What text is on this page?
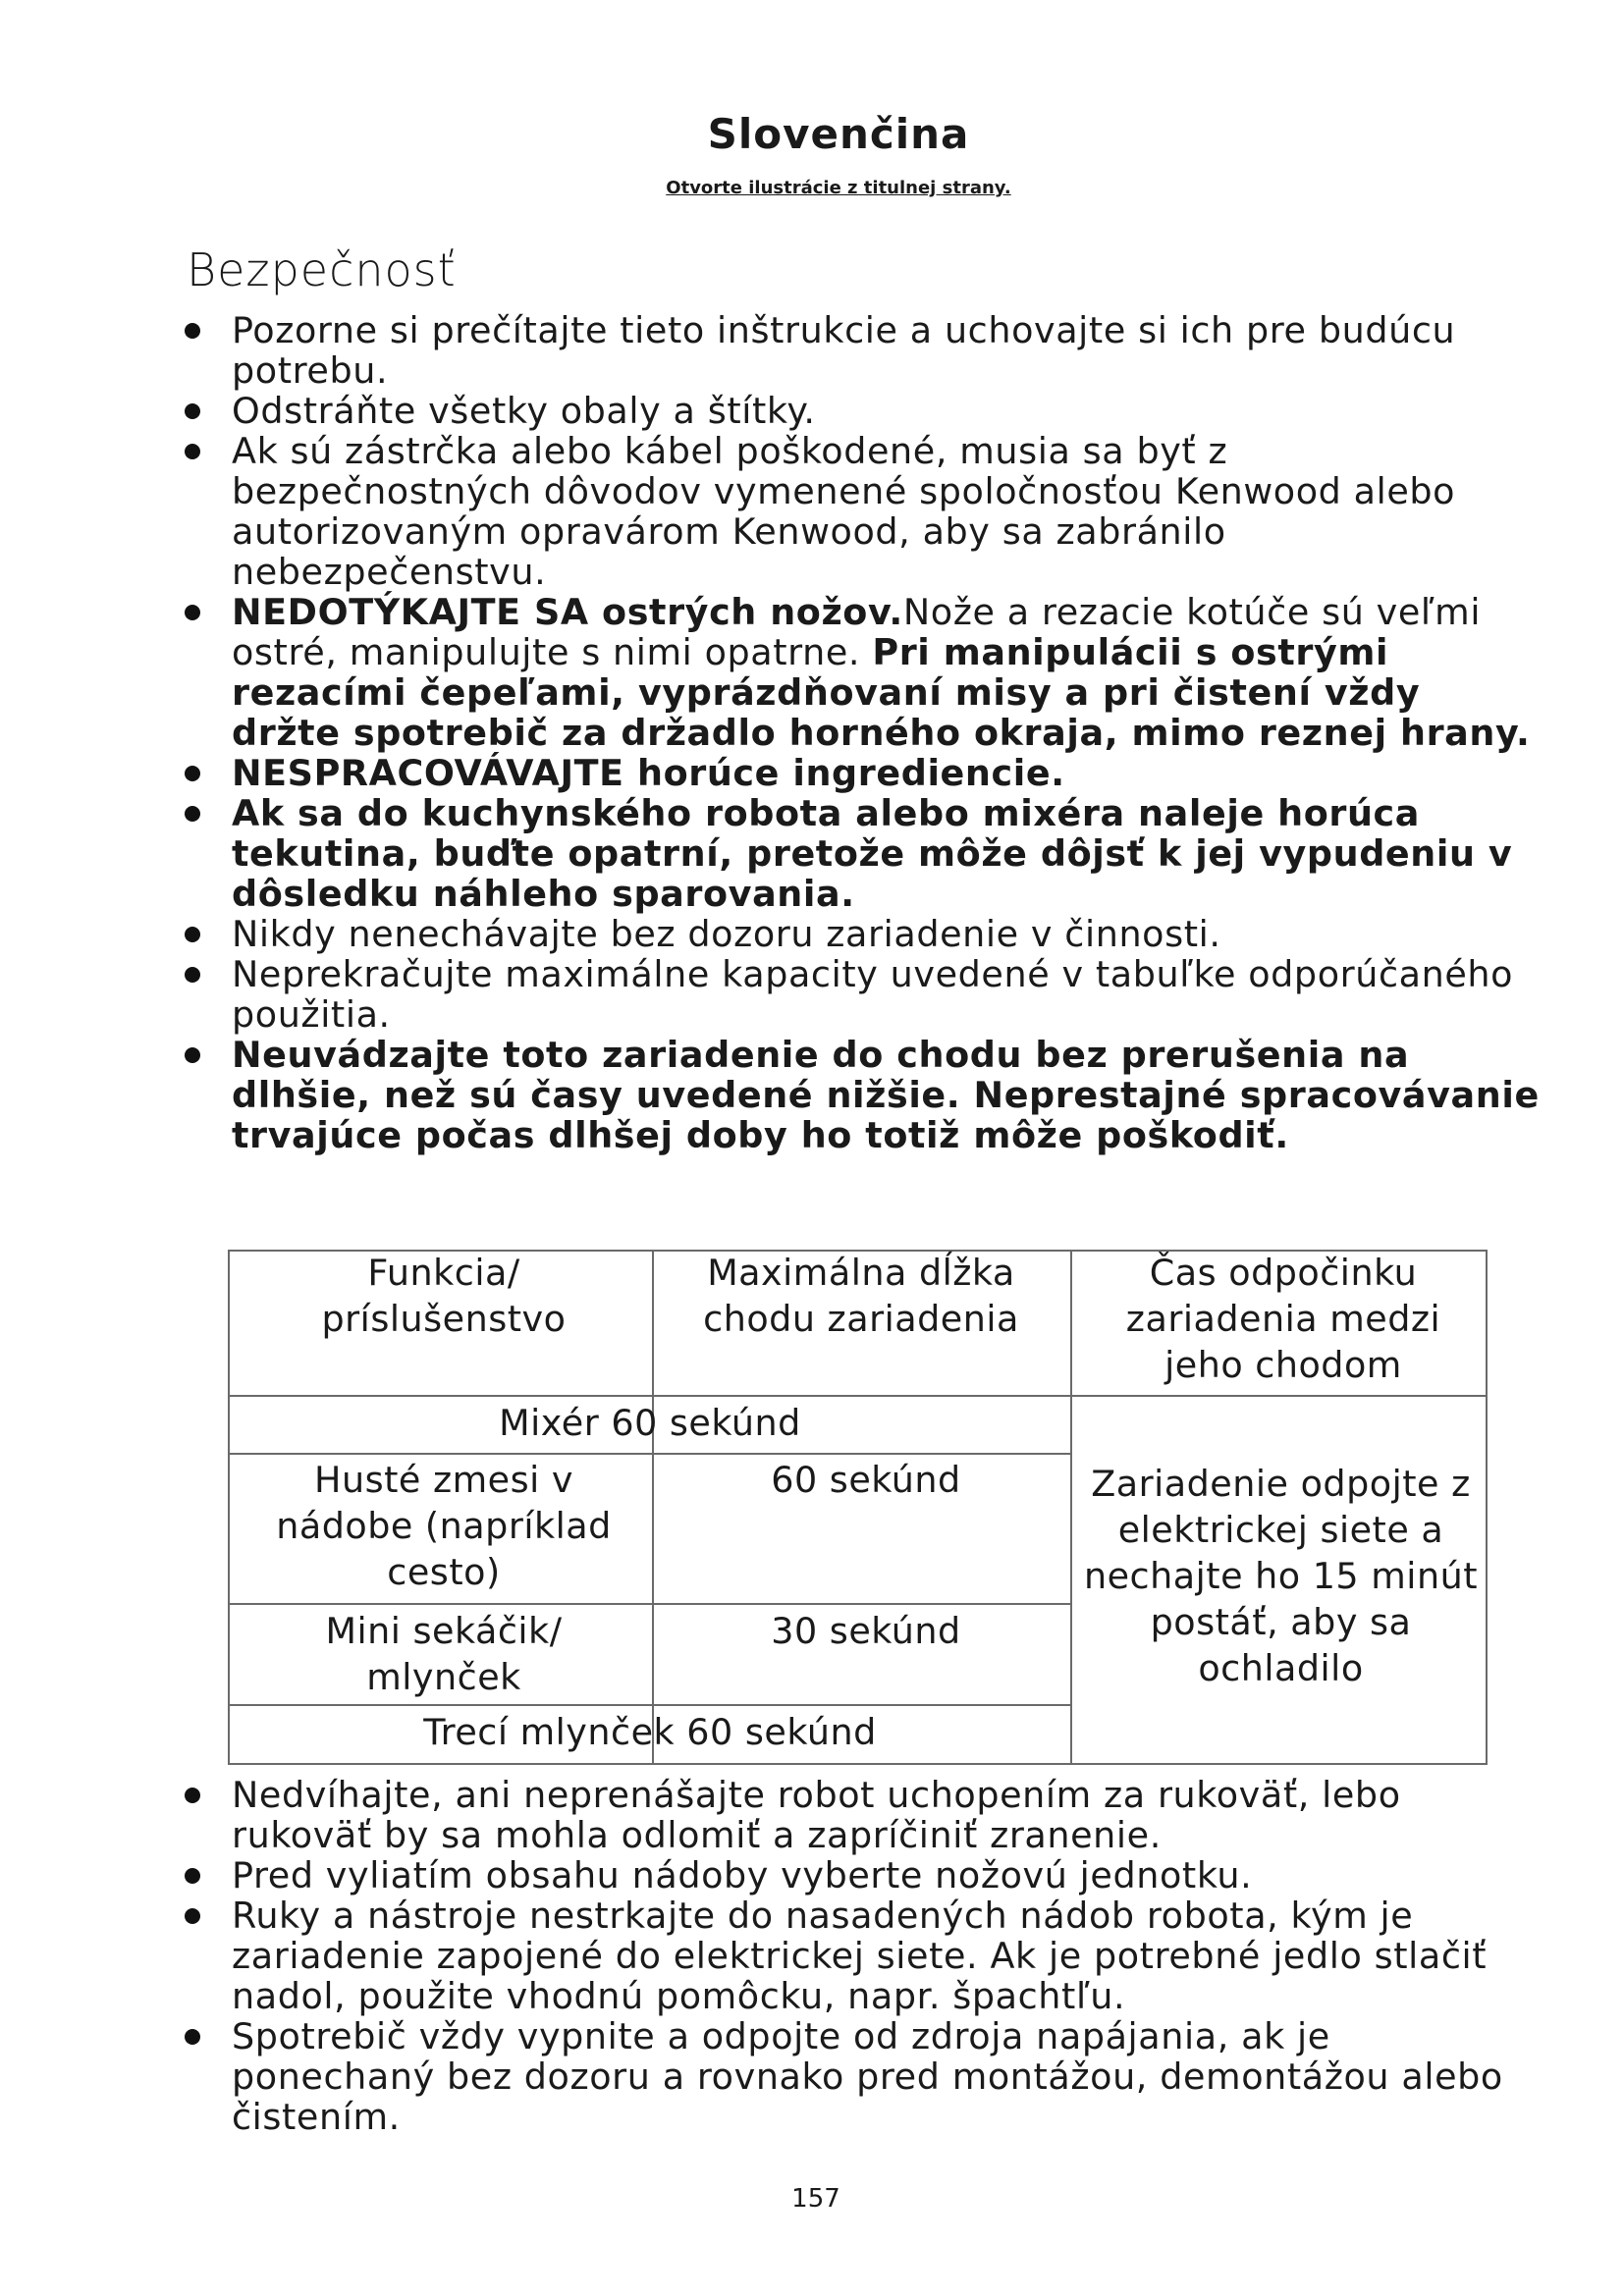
Slovenčina
Otvorte ilustrácie z titulnej strany.
Bezpečnosť
Pozorne si prečítajte tieto inštrukcie a uchovajte si ich pre budúcu potrebu.
Odstráňte všetky obaly a štítky.
Ak sú zástrčka alebo kábel poškodené, musia sa byť z bezpečnostných dôvodov vymenené spoločnosťou Kenwood alebo autorizovaným opravárom Kenwood, aby sa zabránilo nebezpečenstvu.
NEDOTÝKAJTE SA ostrých nožov.Nože a rezacie kotúče sú veľmi ostré, manipulujte s nimi opatrne. Pri manipulácii s ostrými rezacími čepeľami, vyprázdňovaní misy a pri čistení vždy držte spotrebič za držadlo horného okraja, mimo reznej hrany.
NESPRACOVÁVAJTE horúce ingrediencie.
Ak sa do kuchynského robota alebo mixéra naleje horúca tekutina, buďte opatrní, pretože môže dôjsť k jej vypudeniu v dôsledku náhleho sparovania.
Nikdy nenechávajte bez dozoru zariadenie v činnosti.
Neprekračujte maximálne kapacity uvedené v tabuľke odporúčaného použitia.
Neuvádzajte toto zariadenie do chodu bez prerušenia na dlhšie, než sú časy uvedené nižšie. Neprestajné spracovávanie trvajúce počas dlhšej doby ho totiž môže poškodiť.
Funkcia/ príslušenstvo
Maximálna dĺžka chodu zariadenia
Čas odpočinku zariadenia medzi jeho chodom
Mixér 60 sekúnd
Husté zmesi v nádobe (napríklad cesto)
60 sekúnd
Mini sekáčik/ mlynček
30 sekúnd
Trecí mlynček 60 sekúnd
Zariadenie odpojte z elektrickej siete a nechajte ho 15 minút postáť, aby sa ochladilo
Nedvíhajte, ani neprenášajte robot uchopením za rukoväť, lebo rukoväť by sa mohla odlomiť a zapríčiniť zranenie.
Pred vyliatím obsahu nádoby vyberte nožovú jednotku.
Ruky a nástroje nestrkajte do nasadených nádob robota, kým je zariadenie zapojené do elektrickej siete. Ak je potrebné jedlo stlačiť nadol, použite vhodnú pomôcku, napr. špachtľu.
Spotrebič vždy vypnite a odpojte od zdroja napájania, ak je ponechaný bez dozoru a rovnako pred montážou, demontážou alebo čistením.
157
